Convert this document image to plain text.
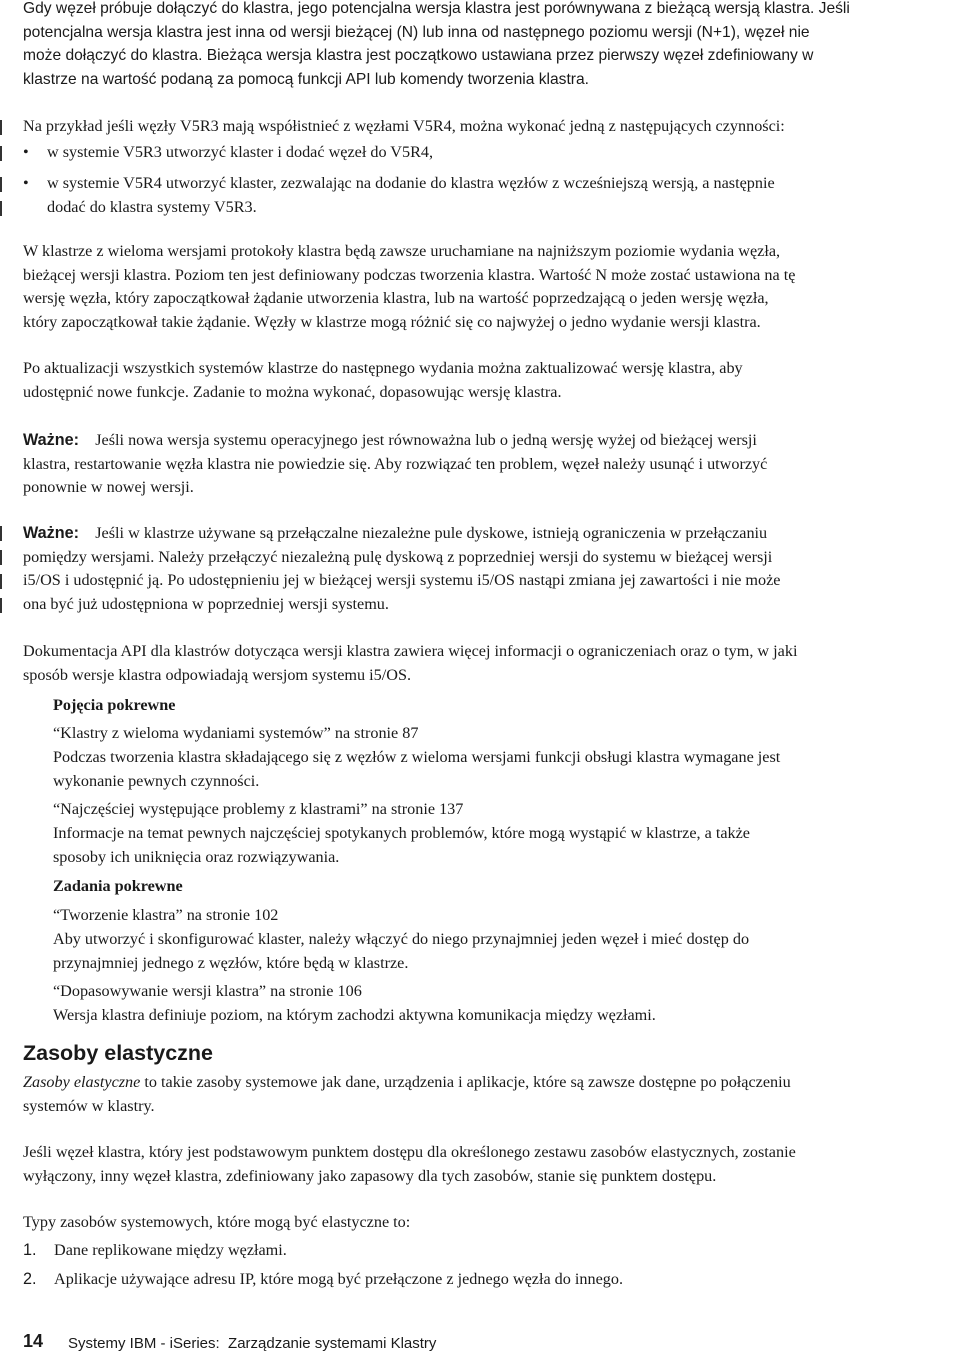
Gdy węzeł próbuje dołączyć do klastra, jego potencjalna wersja klastra jest porównywana z bieżącą wersją klastra. Jeśli
potencjalna wersja klastra jest inna od wersji bieżącej (N) lub inna od następnego poziomu wersji (N+1), węzeł nie
może dołączyć do klastra. Bieżąca wersja klastra jest początkowo ustawiana przez pierwszy węzeł zdefiniowany w
klastrze na wartość podaną za pomocą funkcji API lub komendy tworzenia klastra.
Na przykład jeśli węzły V5R3 mają współistnieć z węzłami V5R4, można wykonać jedną z następujących czynności:
• w systemie V5R3 utworzyć klaster i dodać węzeł do V5R4,
• w systemie V5R4 utworzyć klaster, zezwalając na dodanie do klastra węzłów z wcześniejszą wersją, a następnie
dodać do klastra systemy V5R3.
W klastrze z wieloma wersjami protokoły klastra będą zawsze uruchamiane na najniższym poziomie wydania węzła,
bieżącej wersji klastra. Poziom ten jest definiowany podczas tworzenia klastra. Wartość N może zostać ustawiona na tę
wersję węzła, który zapoczątkował żądanie utworzenia klastra, lub na wartość poprzedzającą o jeden wersję węzła,
który zapoczątkował takie żądanie. Węzły w klastrze mogą różnić się co najwyżej o jedno wydanie wersji klastra.
Po aktualizacji wszystkich systemów klastrze do następnego wydania można zaktualizować wersję klastra, aby
udostępnić nowe funkcje. Zadanie to można wykonać, dopasowując wersję klastra.
Ważne: Jeśli nowa wersja systemu operacyjnego jest równoważna lub o jedną wersję wyżej od bieżącej wersji
klastra, restartowanie węzła klastra nie powiedzie się. Aby rozwiązać ten problem, węzeł należy usunąć i utworzyć
ponownie w nowej wersji.
Ważne: Jeśli w klastrze używane są przełączalne niezależne pule dyskowe, istnieją ograniczenia w przełączaniu
pomiędzy wersjami. Należy przełączyć niezależną pulę dyskową z poprzedniej wersji do systemu w bieżącej wersji
i5/OS i udostępnić ją. Po udostępnieniu jej w bieżącej wersji systemu i5/OS nastąpi zmiana jej zawartości i nie może
ona być już udostępniona w poprzedniej wersji systemu.
Dokumentacja API dla klastrów dotycząca wersji klastra zawiera więcej informacji o ograniczeniach oraz o tym, w jaki
sposób wersje klastra odpowiadają wersjom systemu i5/OS.
Pojęcia pokrewne
“Klastry z wieloma wydaniami systemów” na stronie 87
Podczas tworzenia klastra składającego się z węzłów z wieloma wersjami funkcji obsługi klastra wymagane jest
wykonanie pewnych czynności.
“Najczęściej występujące problemy z klastrami” na stronie 137
Informacje na temat pewnych najczęściej spotykanych problemów, które mogą wystąpić w klastrze, a także
sposoby ich uniknięcia oraz rozwiązywania.
Zadania pokrewne
“Tworzenie klastra” na stronie 102
Aby utworzyć i skonfigurować klaster, należy włączyć do niego przynajmniej jeden węzeł i mieć dostęp do
przynajmniej jednego z węzłów, które będą w klastrze.
“Dopasowywanie wersji klastra” na stronie 106
Wersja klastra definiuje poziom, na którym zachodzi aktywna komunikacja między węzłami.
Zasoby elastyczne
Zasoby elastyczne to takie zasoby systemowe jak dane, urządzenia i aplikacje, które są zawsze dostępne po połączeniu
systemów w klastry.
Jeśli węzeł klastra, który jest podstawowym punktem dostępu dla określonego zestawu zasobów elastycznych, zostanie
wyłączony, inny węzeł klastra, zdefiniowany jako zapasowy dla tych zasobów, stanie się punktem dostępu.
Typy zasobów systemowych, które mogą być elastyczne to:
1. Dane replikowane między węzłami.
2. Aplikacje używające adresu IP, które mogą być przełączone z jednego węzła do innego.
14 Systemy IBM - iSeries:  Zarządzanie systemami Klastry
